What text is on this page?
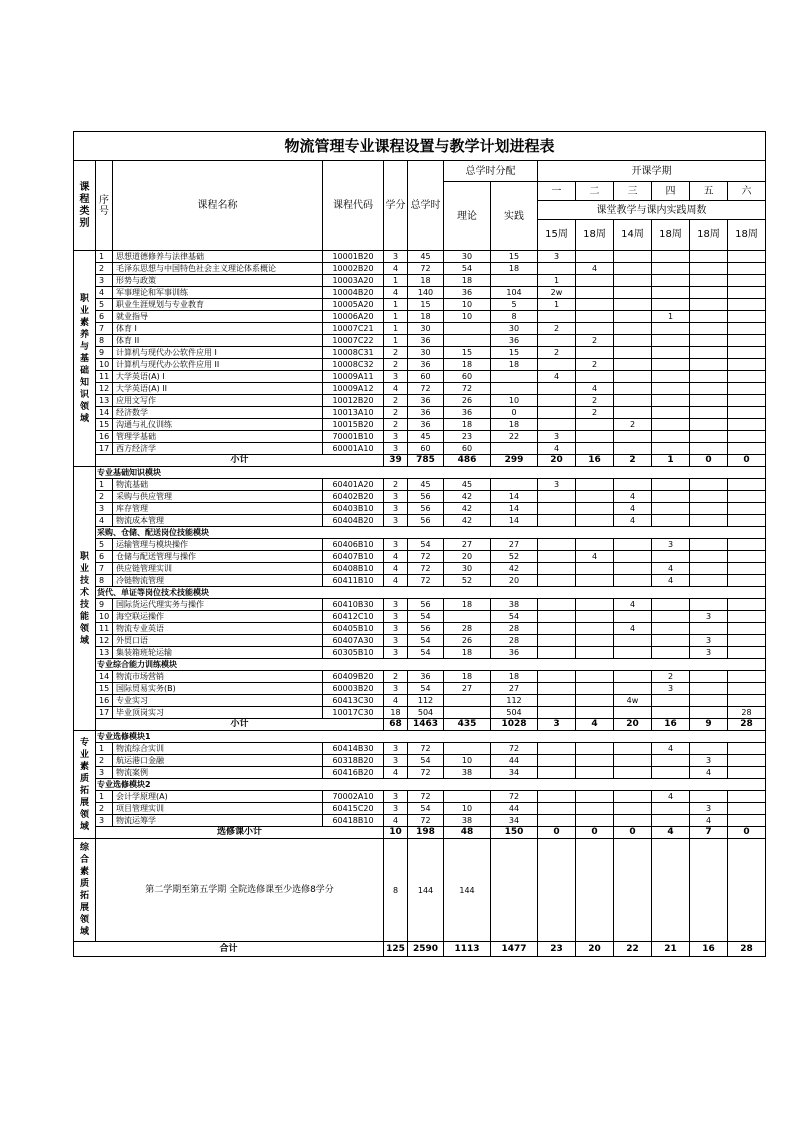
物流管理专业课程设置与教学计划进程表													
课程类别	序号	课程名称	课程代码	学分	总学时	总学时分配		开课学期					
						理论	实践	一	二	三	四	五	六
								课堂教学与课内实践周数					
								15周	18周	14周	18周	18周	18周
职业素养与基础知识领域	1	思想道德修养与法律基础	10001B20	3	45	30	15	3					
	2	毛泽东思想与中国特色社会主义理论体系概论	10002B20	4	72	54	18		4				
	3	形势与政策	10003A20	1	18	18		1					
	4	军事理论和军事训练	10004B20	4	140	36	104	2w					
	5	职业生涯规划与专业教育	10005A20	1	15	10	5	1					
	6	就业指导	10006A20	1	18	10	8				1		
	7	体育 I	10007C21	1	30		30	2					
	8	体育 II	10007C22	1	36		36		2				
	9	计算机与现代办公软件应用 I	10008C31	2	30	15	15	2					
	10	计算机与现代办公软件应用 II	10008C32	2	36	18	18		2				
	11	大学英语(A) I	10009A11	3	60	60		4					
	12	大学英语(A) II	10009A12	4	72	72			4				
	13	应用文写作	10012B20	2	36	26	10		2				
	14	经济数学	10013A10	2	36	36	0		2				
	15	沟通与礼仪训练	10015B20	2	36	18	18			2			
	16	管理学基础	70001B10	3	45	23	22	3					
	17	西方经济学	60001A10	3	60	60		4					
	小计			39	785	486	299	20	16	2	1	0	0
职业技术技能领域	专业基础知识模块												
	1	物流基础	60401A20	2	45	45		3					
	2	采购与供应管理	60402B20	3	56	42	14			4			
	3	库存管理	60403B10	3	56	42	14			4			
	4	物流成本管理	60404B20	3	56	42	14			4			
	采购、仓储、配送岗位技能模块												
	5	运输管理与模块操作	60406B10	3	54	27	27				3		
	6	仓储与配送管理与操作	60407B10	4	72	20	52		4				
	7	供应链管理实训	60408B10	4	72	30	42				4		
	8	冷链物流管理	60411B10	4	72	52	20				4		
	货代、单证等岗位技术技能模块												
	9	国际货运代理实务与操作	60410B30	3	56	18	38			4			
	10	海空联运操作	60412C10	3	54		54					3	
	11	物流专业英语	60405B10	3	56	28	28			4			
	12	外贸口语	60407A30	3	54	26	28					3	
	13	集装箱班轮运输	60305B10	3	54	18	36					3	
	专业综合能力训练模块												
	14	物流市场营销	60409B20	2	36	18	18				2		
	15	国际贸易实务(B)	60003B20	3	54	27	27				3		
	16	专业实习	60413C30	4	112		112			4w			
	17	毕业顶岗实习	10017C30	18	504		504						28
	小计			68	1463	435	1028	3	4	20	16	9	28
专业素质拓展领域	专业选修模块1												
	1	物流综合实训	60414B30	3	72		72				4		
	2	航运港口金融	60318B20	3	54	10	44					3	
	3	物流案例	60416B20	4	72	38	34					4	
	专业选修模块2												
	1	会计学原理(A)	70002A10	3	72		72				4		
	2	项目管理实训	60415C20	3	54	10	44					3	
	3	物流运筹学	60418B10	4	72	38	34					4	
	选修课小计			10	198	48	150	0	0	0	4	7	0
综合素质拓展领域	第二学期至第五学期 全院选修课至少选修8学分			8	144	144							
合计				125	2590	1113	1477	23	20	22	21	16	28
